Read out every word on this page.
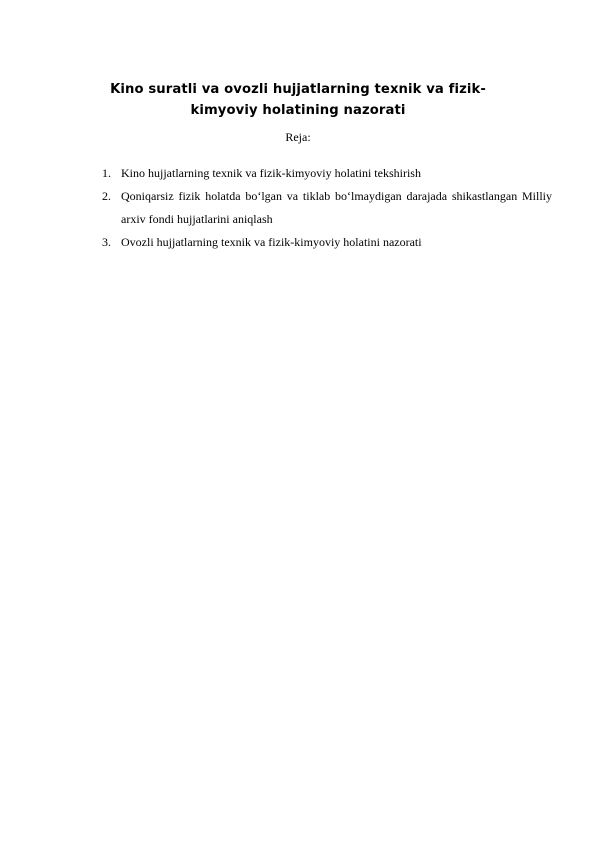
Kino suratli va ovozli hujjatlarning texnik va fizik-kimyoviy holatining nazorati

Reja:

1. Kino hujjatlarning texnik va fizik-kimyoviy holatini tekshirish
2. Qoniqarsiz fizik holatda bo‘lgan va tiklab bo‘lmaydigan darajada shikastlangan Milliy arxiv fondi hujjatlarini aniqlash
3. Ovozli hujjatlarning texnik va fizik-kimyoviy holatini nazorati
